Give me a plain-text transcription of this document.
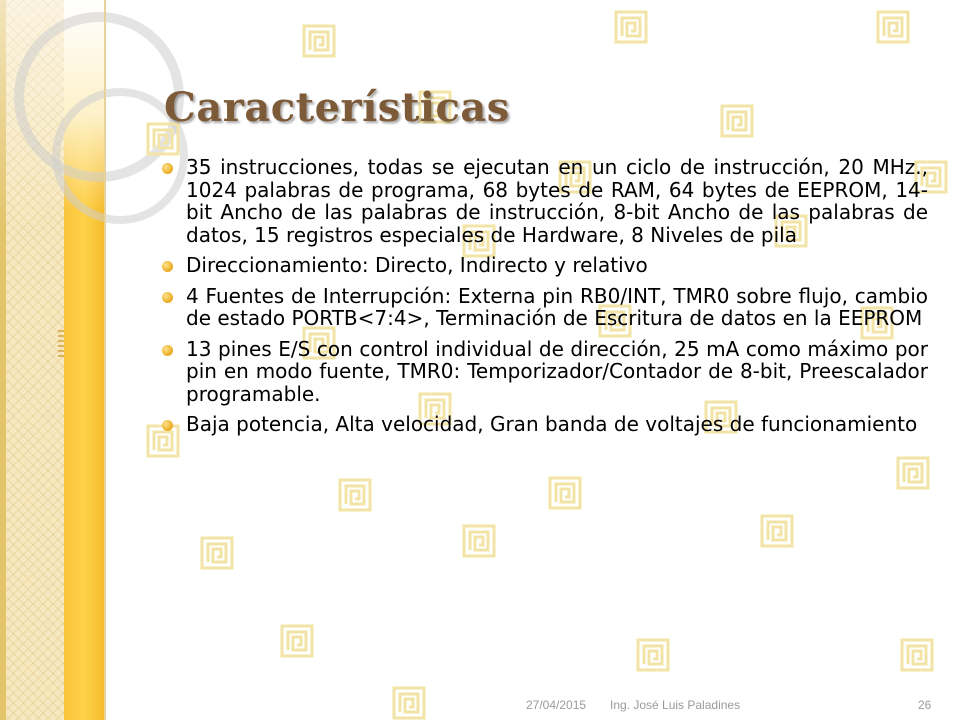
Características
35 instrucciones, todas se ejecutan en un ciclo de instrucción, 20 MHz., 1024 palabras de programa, 68 bytes de RAM, 64 bytes de EEPROM, 14-bit Ancho de las palabras de instrucción, 8-bit Ancho de las palabras de datos, 15 registros especiales de Hardware, 8 Niveles de pila
Direccionamiento: Directo, Indirecto y relativo
4 Fuentes de Interrupción: Externa pin RB0/INT, TMR0 sobre flujo, cambio de estado PORTB<7:4>, Terminación de Escritura de datos en la EEPROM
13 pines E/S con control individual de dirección, 25 mA como máximo por pin en modo fuente, TMR0: Temporizador/Contador de 8-bit, Preescalador programable.
Baja potencia, Alta velocidad, Gran banda de voltajes de funcionamiento
27/04/2015 Ing. José Luis Paladines	26
